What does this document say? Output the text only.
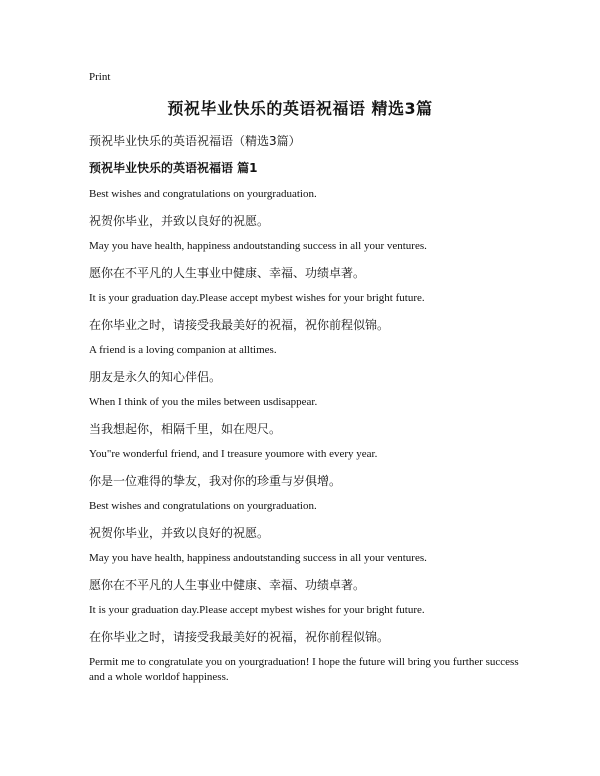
Print
预祝毕业快乐的英语祝福语 精选3篇
预祝毕业快乐的英语祝福语（精选3篇）
预祝毕业快乐的英语祝福语 篇1
Best wishes and congratulations on yourgraduation.
祝贺你毕业，并致以良好的祝愿。
May you have health, happiness andoutstanding success in all your ventures.
愿你在不平凡的人生事业中健康、幸福、功绩卓著。
It is your graduation day.Please accept mybest wishes for your bright future.
在你毕业之时，请接受我最美好的祝福，祝你前程似锦。
A friend is a loving companion at alltimes.
朋友是永久的知心伴侣。
When I think of you the miles between usdisappear.
当我想起你，相隔千里，如在咫尺。
You"re wonderful friend, and I treasure youmore with every year.
你是一位难得的挚友，我对你的珍重与岁俱增。
Best wishes and congratulations on yourgraduation.
祝贺你毕业，并致以良好的祝愿。
May you have health, happiness andoutstanding success in all your ventures.
愿你在不平凡的人生事业中健康、幸福、功绩卓著。
It is your graduation day.Please accept mybest wishes for your bright future.
在你毕业之时，请接受我最美好的祝福，祝你前程似锦。
Permit me to congratulate you on yourgraduation! I hope the future will bring you further success and a whole worldof happiness.
